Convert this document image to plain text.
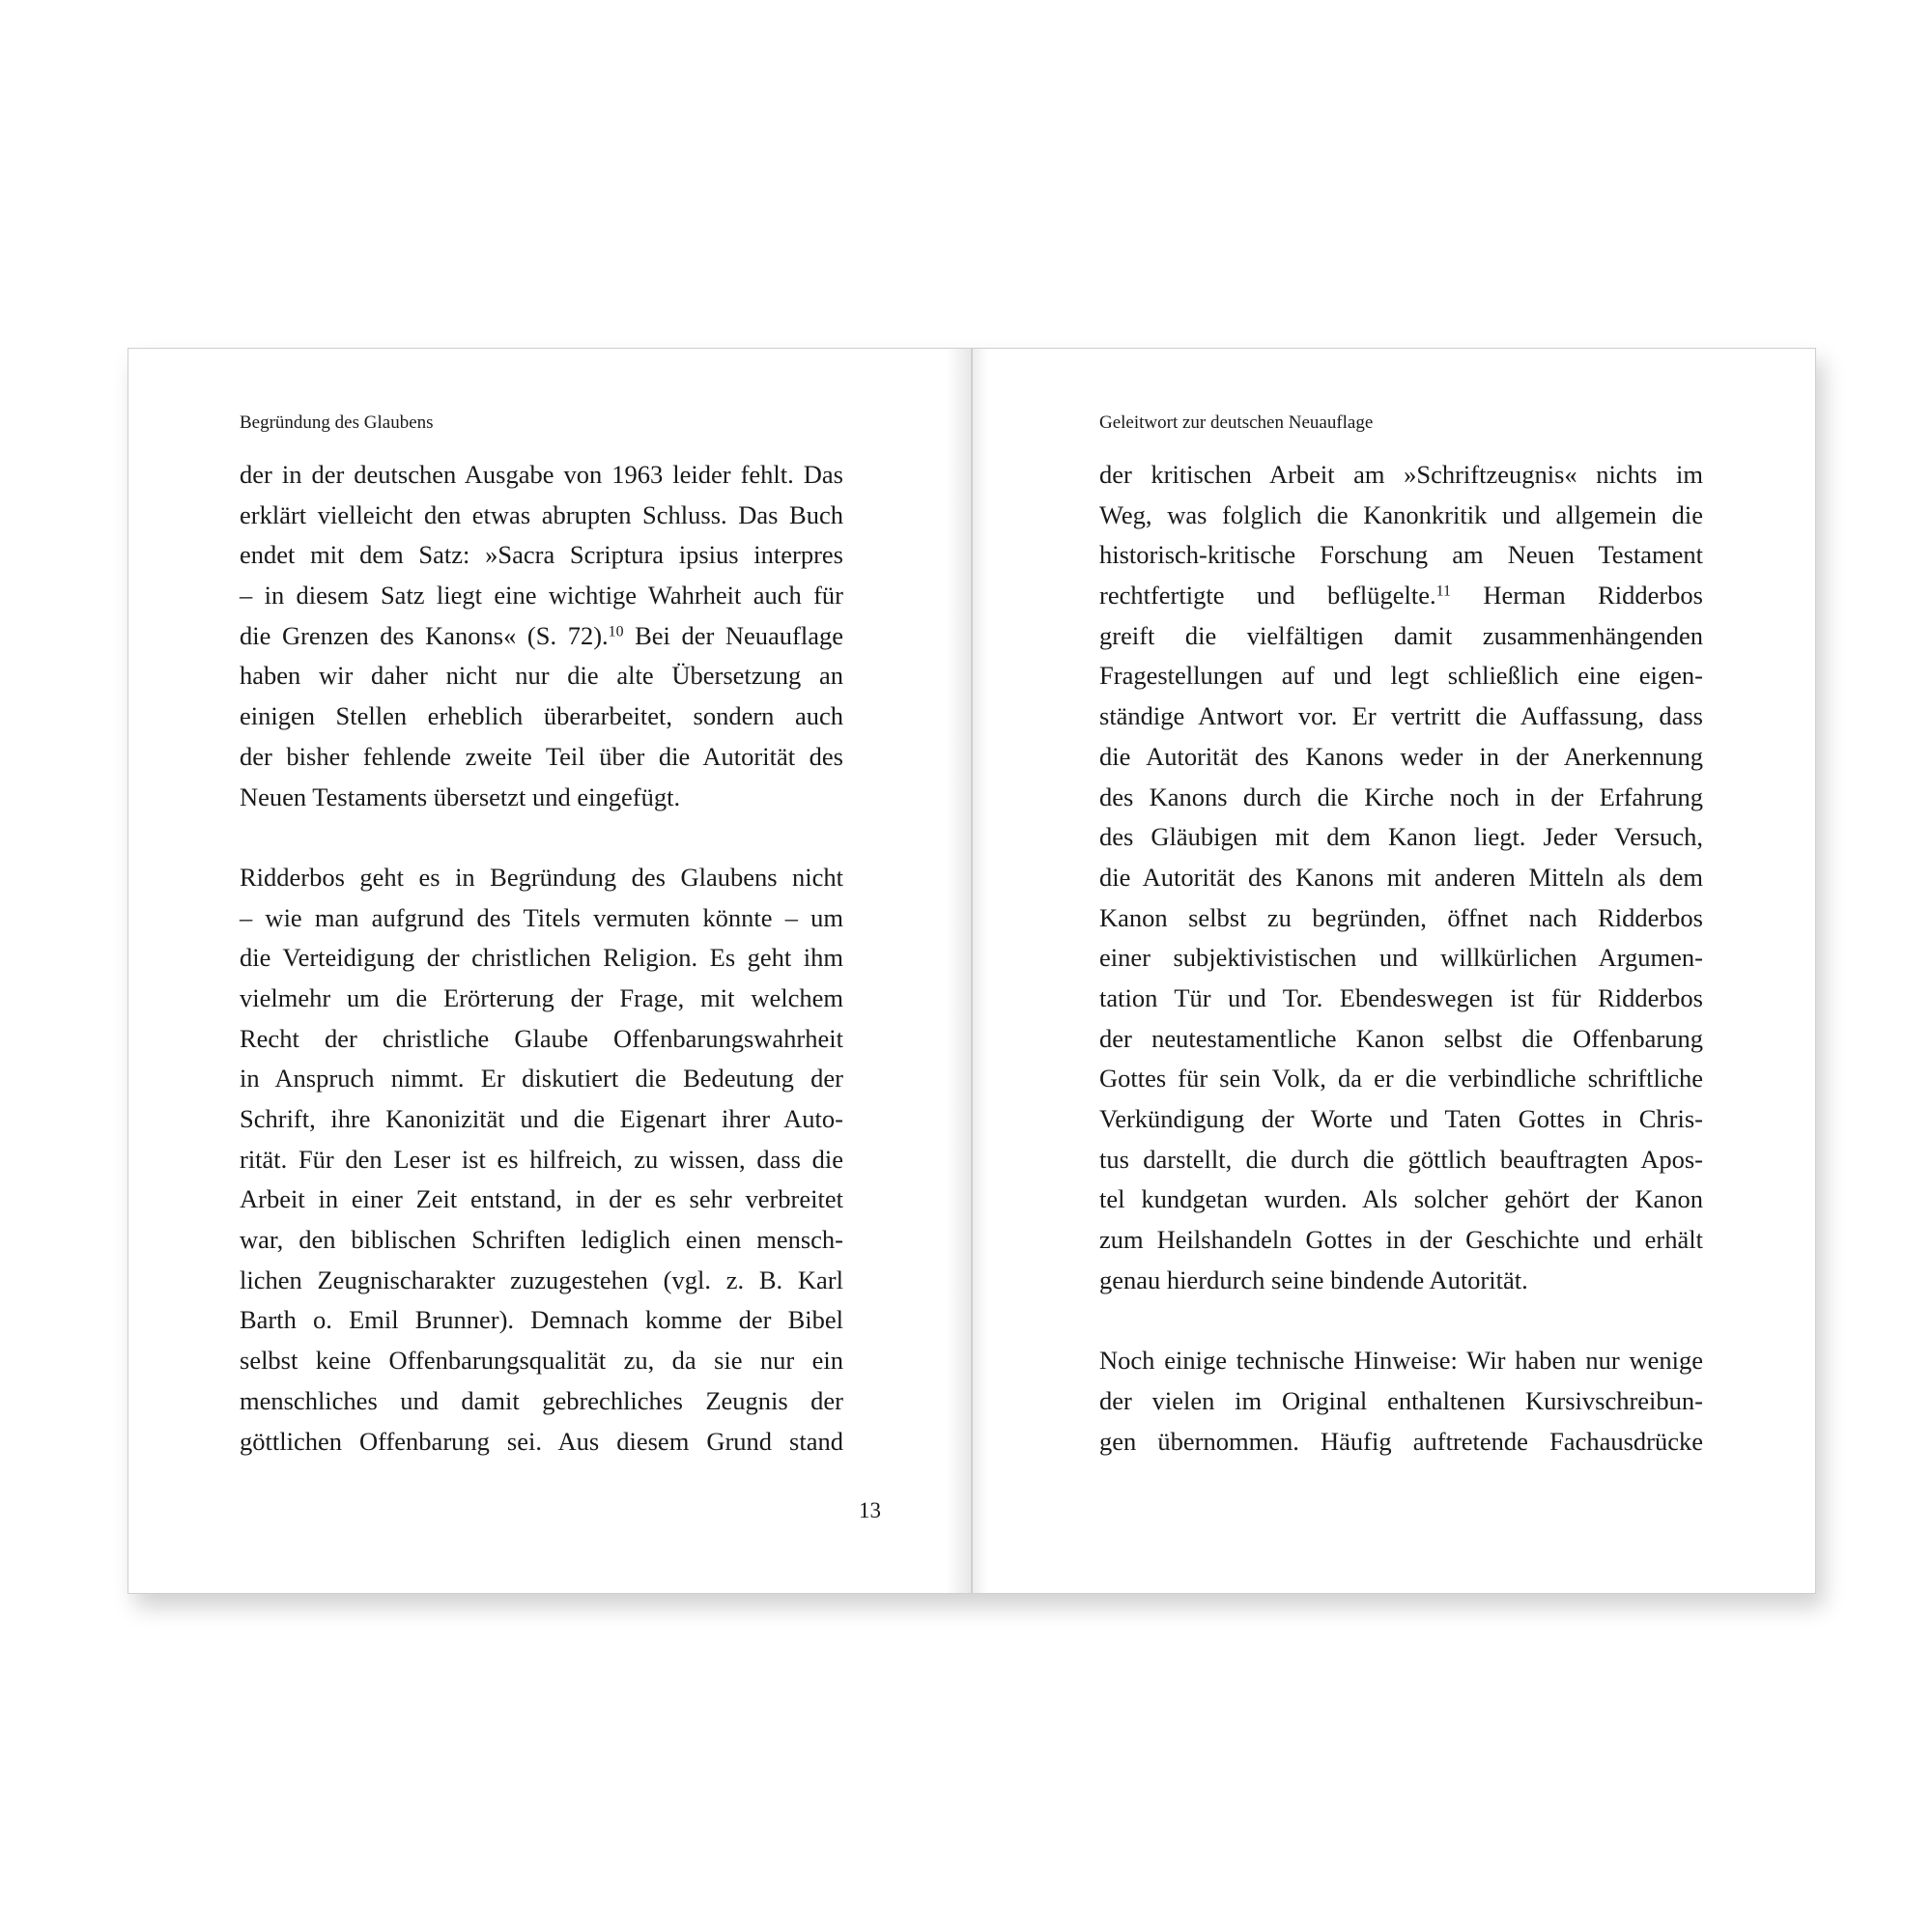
Begründung des Glaubens

der in der deutschen Ausgabe von 1963 leider fehlt. Das
erklärt vielleicht den etwas abrupten Schluss. Das Buch
endet mit dem Satz: »Sacra Scriptura ipsius interpres
– in diesem Satz liegt eine wichtige Wahrheit auch für
die Grenzen des Kanons« (S. 72).$^{10}$ Bei der Neuauflage
haben wir daher nicht nur die alte Übersetzung an
einigen Stellen erheblich überarbeitet, sondern auch
der bisher fehlende zweite Teil über die Autorität des
Neuen Testaments übersetzt und eingefügt.

Ridderbos geht es in Begründung des Glaubens nicht
– wie man aufgrund des Titels vermuten könnte – um
die Verteidigung der christlichen Religion. Es geht ihm
vielmehr um die Erörterung der Frage, mit welchem
Recht der christliche Glaube Offenbarungswahrheit
in Anspruch nimmt. Er diskutiert die Bedeutung der
Schrift, ihre Kanonizität und die Eigenart ihrer Auto-
rität. Für den Leser ist es hilfreich, zu wissen, dass die
Arbeit in einer Zeit entstand, in der es sehr verbreitet
war, den biblischen Schriften lediglich einen mensch-
lichen Zeugnischarakter zuzugestehen (vgl. z. B. Karl
Barth o. Emil Brunner). Demnach komme der Bibel
selbst keine Offenbarungsqualität zu, da sie nur ein
menschliches und damit gebrechliches Zeugnis der
göttlichen Offenbarung sei. Aus diesem Grund stand

Geleitwort zur deutschen Neuauflage

der kritischen Arbeit am »Schriftzeugnis« nichts im
Weg, was folglich die Kanonkritik und allgemein die
historisch-kritische Forschung am Neuen Testament
rechtfertigte und beflügelte.$^{11}$ Herman Ridderbos
greift die vielfältigen damit zusammenhängenden
Fragestellungen auf und legt schließlich eine eigen-
ständige Antwort vor. Er vertritt die Auffassung, dass
die Autorität des Kanons weder in der Anerkennung
des Kanons durch die Kirche noch in der Erfahrung
des Gläubigen mit dem Kanon liegt. Jeder Versuch,
die Autorität des Kanons mit anderen Mitteln als dem
Kanon selbst zu begründen, öffnet nach Ridderbos
einer subjektivistischen und willkürlichen Argumen-
tation Tür und Tor. Ebendeswegen ist für Ridderbos
der neutestamentliche Kanon selbst die Offenbarung
Gottes für sein Volk, da er die verbindliche schriftliche
Verkündigung der Worte und Taten Gottes in Chris-
tus darstellt, die durch die göttlich beauftragten Apos-
tel kundgetan wurden. Als solcher gehört der Kanon
zum Heilshandeln Gottes in der Geschichte und erhält
genau hierdurch seine bindende Autorität.

Noch einige technische Hinweise: Wir haben nur wenige
der vielen im Original enthaltenen Kursivschreibun-
gen übernommen. Häufig auftretende Fachausdrücke

13
